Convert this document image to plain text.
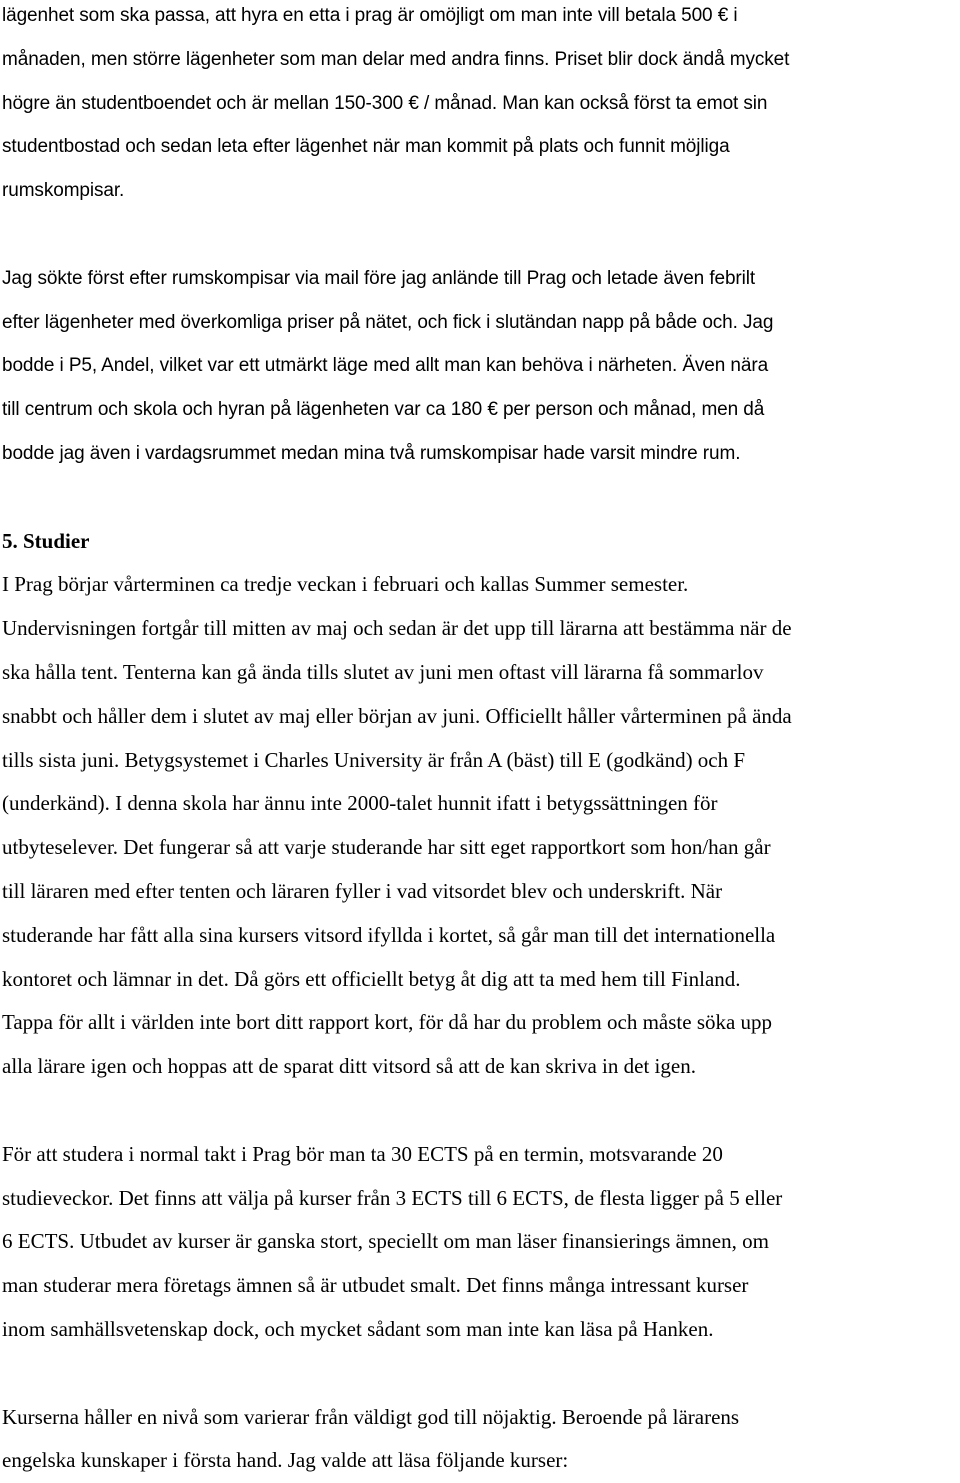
lägenhet som ska passa, att hyra en etta i prag är omöjligt om man inte vill betala 500 € i
månaden, men större lägenheter som man delar med andra finns. Priset blir dock ändå mycket
högre än studentboendet och är mellan 150-300 € / månad. Man kan också först ta emot sin
studentbostad och sedan leta efter lägenhet när man kommit på plats och funnit möjliga
rumskompisar.
Jag sökte först efter rumskompisar via mail före jag anlände till Prag och letade även febrilt
efter lägenheter med överkomliga priser på nätet, och fick i slutändan napp på både och. Jag
bodde i P5, Andel, vilket var ett utmärkt läge med allt man kan behöva i närheten. Även nära
till centrum och skola och hyran på lägenheten var ca 180 € per person och månad, men då
bodde jag även i vardagsrummet medan mina två rumskompisar hade varsit mindre rum.
5. Studier
I Prag börjar vårterminen ca tredje veckan i februari och kallas Summer semester.
Undervisningen fortgår till mitten av maj och sedan är det upp till lärarna att bestämma när de
ska hålla tent. Tenterna kan gå ända tills slutet av juni men oftast vill lärarna få sommarlov
snabbt och håller dem i slutet av maj eller början av juni. Officiellt håller vårterminen på ända
tills sista juni. Betygsystemet i Charles University är från A (bäst) till E (godkänd) och F
(underkänd). I denna skola har ännu inte 2000-talet hunnit ifatt i betygssättningen för
utbyteselever. Det fungerar så att varje studerande har sitt eget rapportkort som hon/han går
till läraren med efter tenten och läraren fyller i vad vitsordet blev och underskrift. När
studerande har fått alla sina kursers vitsord ifyllda i kortet, så går man till det internationella
kontoret och lämnar in det. Då görs ett officiellt betyg åt dig att ta med hem till Finland.
Tappa för allt i världen inte bort ditt rapport kort, för då har du problem och måste söka upp
alla lärare igen och hoppas att de sparat ditt vitsord så att de kan skriva in det igen.
För att studera i normal takt i Prag bör man ta 30 ECTS på en termin, motsvarande 20
studieveckor. Det finns att välja på kurser från 3 ECTS till 6 ECTS, de flesta ligger på 5 eller
6 ECTS. Utbudet av kurser är ganska stort, speciellt om man läser finansierings ämnen, om
man studerar mera företags ämnen så är utbudet smalt. Det finns många intressant kurser
inom samhällsvetenskap dock, och mycket sådant som man inte kan läsa på Hanken.
Kurserna håller en nivå som varierar från väldigt god till nöjaktig. Beroende på lärarens
engelska kunskaper i första hand. Jag valde att läsa följande kurser:
